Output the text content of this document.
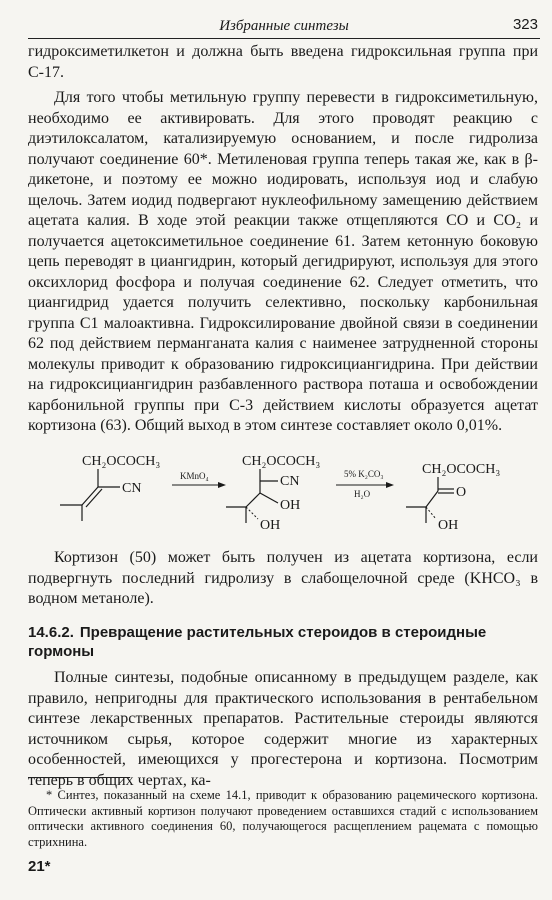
Избранные синтезы	323
гидроксиметилкетон и должна быть введена гидроксильная группа при С-17.
Для того чтобы метильную группу перевести в гидроксиметильную, необходимо ее активировать. Для этого проводят реакцию с диэтилоксалатом, катализируемую основанием, и после гидролиза получают соединение 60*. Метиленовая группа теперь такая же, как в β-дикетоне, и поэтому ее можно иодировать, используя иод и слабую щелочь. Затем иодид подвергают нуклеофильному замещению действием ацетата калия. В ходе этой реакции также отщепляются CO и CO₂ и получается ацетоксиметильное соединение 61. Затем кетонную боковую цепь переводят в циангидрин, который дегидрируют, используя для этого оксихлорид фосфора и получая соединение 62. Следует отметить, что циангидрид удается получить селективно, поскольку карбонильная группа C1 малоактивна. Гидроксилирование двойной связи в соединении 62 под действием перманганата калия с наименее затрудненной стороны молекулы приводит к образованию гидроксициангидрина. При действии на гидроксициангидрин разбавленного раствора поташа и освобождении карбонильной группы при С-3 действием кислоты образуется ацетат кортизона (63). Общий выход в этом синтезе составляет около 0,01%.
CH₂OCOCH₃
CN
KMnO₄
CH₂OCOCH₃
CN
OH
OH
5% K₂CO₃
H₂O
CH₂OCOCH₃
O
OH
Кортизон (50) может быть получен из ацетата кортизона, если подвергнуть последний гидролизу в слабощелочной среде (KHCO₃ в водном метаноле).
14.6.2. Превращение растительных стероидов в стероидные гормоны
Полные синтезы, подобные описанному в предыдущем разделе, как правило, непригодны для практического использования в рентабельном синтезе лекарственных препаратов. Растительные стероиды являются источником сырья, которое содержит многие из характерных особенностей, имеющихся у прогестерона и кортизона. Посмотрим теперь в общих чертах, ка-
* Синтез, показанный на схеме 14.1, приводит к образованию рацемического кортизона. Оптически активный кортизон получают проведением оставшихся стадий с использованием оптически активного соединения 60, получающегося расщеплением рацемата с помощью стрихнина.
21*
